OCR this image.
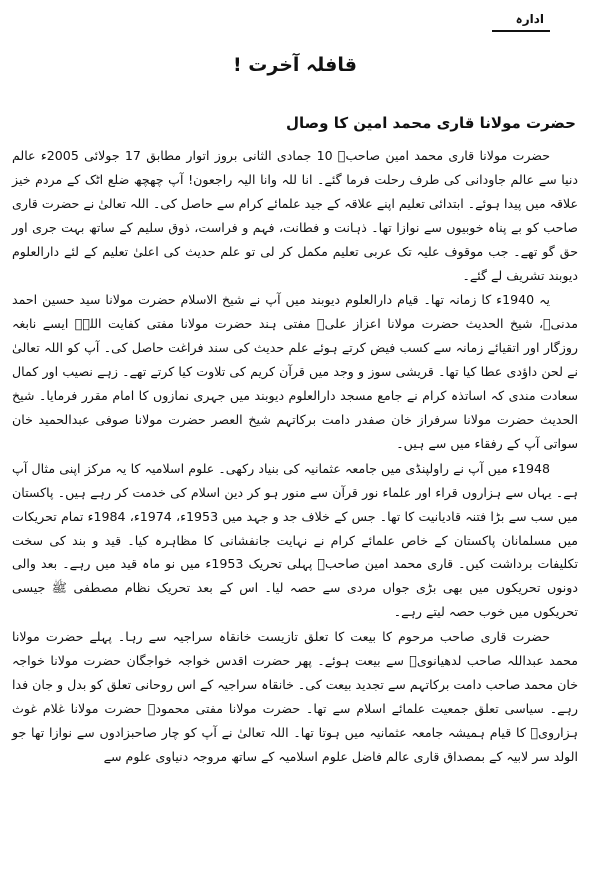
ادارہ
قافلہ آخرت !
حضرت مولانا قاری محمد امین کا وصال

حضرت مولانا قاری محمد امین صاحبؒ 10 جمادی الثانی بروز اتوار مطابق 17 جولائی 2005ء عالم دنیا سے عالم جاودانی کی طرف رحلت فرما گئے۔ انا للہ وانا الیہ راجعون! آپ چھچھ ضلع اٹک کے مردم خیز علاقہ میں پیدا ہوئے۔ ابتدائی تعلیم اپنے علاقہ کے جید علمائے کرام سے حاصل کی۔ اللہ تعالیٰ نے حضرت قاری صاحب کو بے پناہ خوبیوں سے نوازا تھا۔ ذہانت و فطانت، فہم و فراست، ذوق سلیم کے ساتھ بہت جری اور حق گو تھے۔ جب موقوف علیہ تک عربی تعلیم مکمل کر لی تو علم حدیث کی اعلیٰ تعلیم کے لئے دارالعلوم دیوبند تشریف لے گئے۔

یہ 1940ء کا زمانہ تھا۔ قیام دارالعلوم دیوبند میں آپ نے شیخ الاسلام حضرت مولانا سید حسین احمد مدنیؒ، شیخ الحدیث حضرت مولانا اعزاز علیؒ مفتی ہند حضرت مولانا مفتی کفایت اللہؒ ایسے نابغہ روزگار اور اتقیائے زمانہ سے کسب فیض کرتے ہوئے علم حدیث کی سند فراغت حاصل کی۔ آپ کو اللہ تعالیٰ نے لحن داؤدی عطا کیا تھا۔ قریشی سوز و وجد میں قرآن کریم کی تلاوت کیا کرتے تھے۔ زہے نصیب اور کمال سعادت مندی کہ اساتذہ کرام نے جامع مسجد دارالعلوم دیوبند میں جہری نمازوں کا امام مقرر فرمایا۔ شیخ الحدیث حضرت مولانا سرفراز خان صفدر دامت برکاتہم شیخ العصر حضرت مولانا صوفی عبدالحمید خان سواتی آپ کے رفقاء میں سے ہیں۔

1948ء میں آپ نے راولپنڈی میں جامعہ عثمانیہ کی بنیاد رکھی۔ علوم اسلامیہ کا یہ مرکز اپنی مثال آپ ہے۔ یہاں سے ہزاروں قراء اور علماء نور قرآن سے منور ہو کر دین اسلام کی خدمت کر رہے ہیں۔ پاکستان میں سب سے بڑا فتنہ قادیانیت کا تھا۔ جس کے خلاف جد و جہد میں 1953ء، 1974ء، 1984ء تمام تحریکات میں مسلمانان پاکستان کے خاص علمائے کرام نے نہایت جانفشانی کا مظاہرہ کیا۔ قید و بند کی سخت تکلیفات برداشت کیں۔ قاری محمد امین صاحبؒ پہلی تحریک 1953ء میں نو ماہ قید میں رہے۔ بعد والی دونوں تحریکوں میں بھی بڑی جواں مردی سے حصہ لیا۔ اس کے بعد تحریک نظام مصطفی ﷺ جیسی تحریکوں میں خوب حصہ لیتے رہے۔

حضرت قاری صاحب مرحوم کا بیعت کا تعلق تازیست خانقاہ سراجیہ سے رہا۔ پہلے حضرت مولانا محمد عبداللہ صاحب لدھیانویؒ سے بیعت ہوئے۔ پھر حضرت اقدس خواجہ خواجگان حضرت مولانا خواجہ خان محمد صاحب دامت برکاتہم سے تجدید بیعت کی۔ خانقاہ سراجیہ کے اس روحانی تعلق کو بدل و جان فدا رہے۔ سیاسی تعلق جمعیت علمائے اسلام سے تھا۔ حضرت مولانا مفتی محمودؒ حضرت مولانا غلام غوث ہزارویؒ کا قیام ہمیشہ جامعہ عثمانیہ میں ہوتا تھا۔ اللہ تعالیٰ نے آپ کو چار صاحبزادوں سے نوازا تھا جو الولد سر لابیہ کے بمصداق قاری عالم فاضل علوم اسلامیہ کے ساتھ مروجہ دنیاوی علوم سے
